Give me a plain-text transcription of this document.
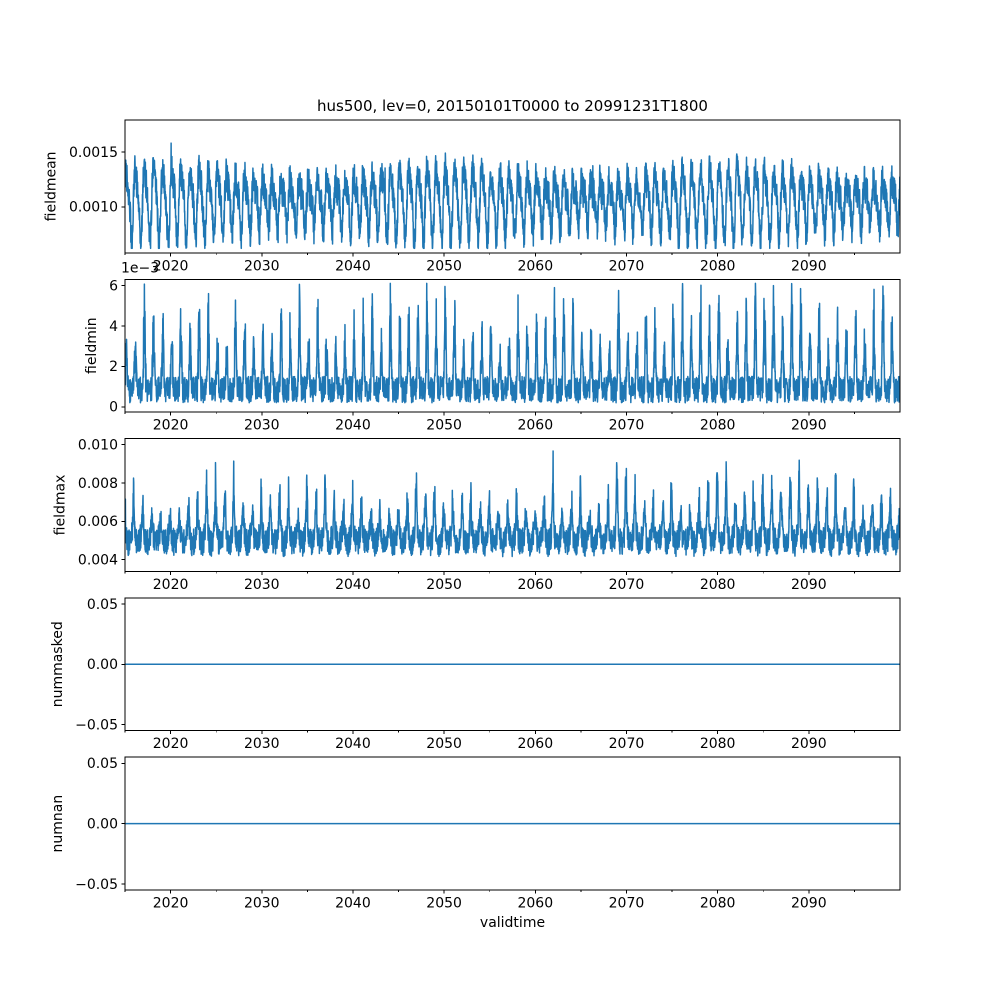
hus500, lev=0, 20150101T0000 to 20991231T1800
2020	2030	2040	2050	2060	2070	2080	2090
0.0010
0.0015
fieldmean
2020	2030	2040	2050	2060	2070	2080	2090
0
2
4
6
fieldmin
1e−3
2020	2030	2040	2050	2060	2070	2080	2090
0.004
0.006
0.008
0.010
fieldmax
2020	2030	2040	2050	2060	2070	2080	2090
−0.05
0.00
0.05
nummasked
2020	2030	2040	2050	2060	2070	2080	2090
−0.05
0.00
0.05
numnan
validtime
